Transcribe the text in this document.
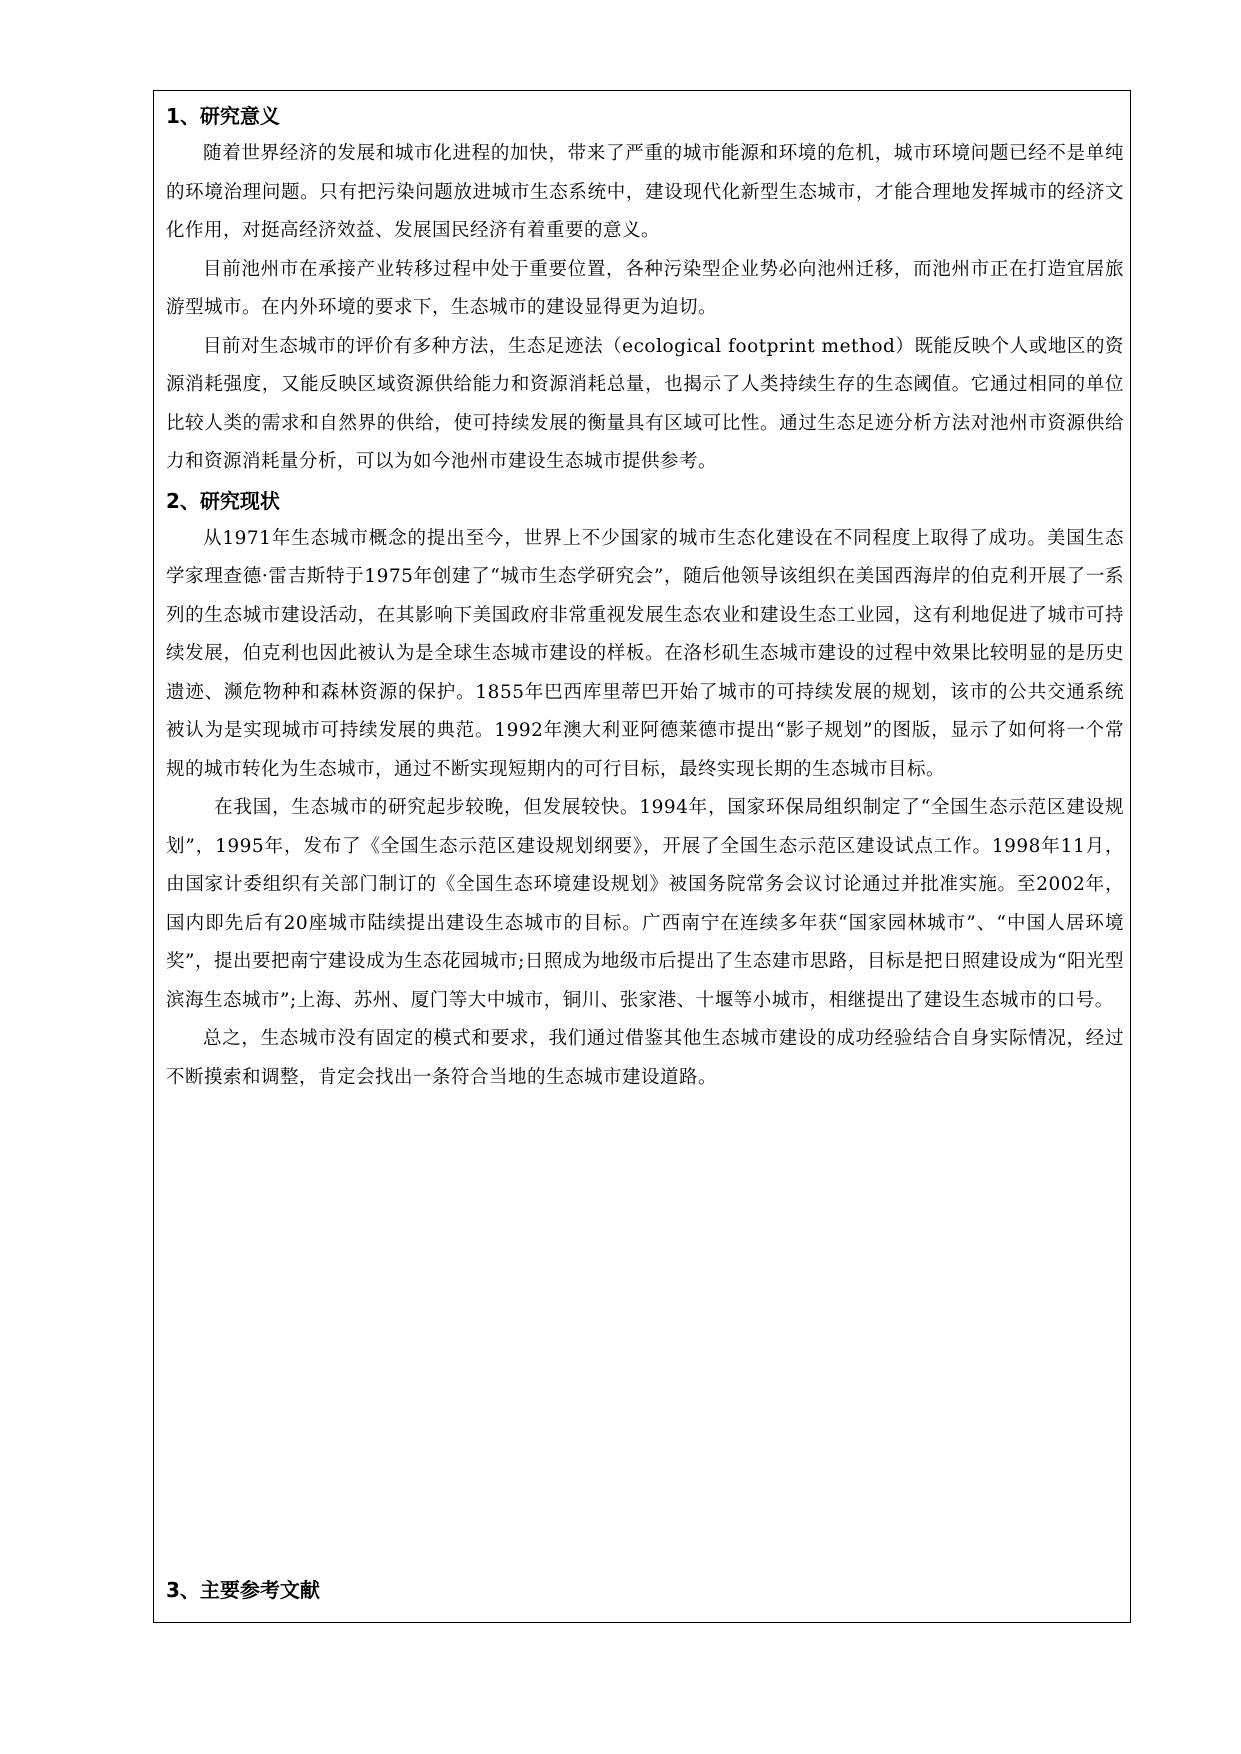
1、研究意义

随着世界经济的发展和城市化进程的加快，带来了严重的城市能源和环境的危机，城市环境问题已经不是单纯的环境治理问题。只有把污染问题放进城市生态系统中，建设现代化新型生态城市，才能合理地发挥城市的经济文化作用，对挺高经济效益、发展国民经济有着重要的意义。

目前池州市在承接产业转移过程中处于重要位置，各种污染型企业势必向池州迁移，而池州市正在打造宜居旅游型城市。在内外环境的要求下，生态城市的建设显得更为迫切。

目前对生态城市的评价有多种方法，生态足迹法（ecological footprint method）既能反映个人或地区的资源消耗强度，又能反映区域资源供给能力和资源消耗总量，也揭示了人类持续生存的生态阈值。它通过相同的单位比较人类的需求和自然界的供给，使可持续发展的衡量具有区域可比性。通过生态足迹分析方法对池州市资源供给力和资源消耗量分析，可以为如今池州市建设生态城市提供参考。

2、研究现状

从1971年生态城市概念的提出至今，世界上不少国家的城市生态化建设在不同程度上取得了成功。美国生态学家理查德·雷吉斯特于1975年创建了“城市生态学研究会”，随后他领导该组织在美国西海岸的伯克利开展了一系列的生态城市建设活动，在其影响下美国政府非常重视发展生态农业和建设生态工业园，这有利地促进了城市可持续发展，伯克利也因此被认为是全球生态城市建设的样板。在洛杉矶生态城市建设的过程中效果比较明显的是历史遗迹、濒危物种和森林资源的保护。1855年巴西库里蒂巴开始了城市的可持续发展的规划，该市的公共交通系统被认为是实现城市可持续发展的典范。1992年澳大利亚阿德莱德市提出“影子规划”的图版，显示了如何将一个常规的城市转化为生态城市，通过不断实现短期内的可行目标，最终实现长期的生态城市目标。

在我国，生态城市的研究起步较晚，但发展较快。1994年，国家环保局组织制定了“全国生态示范区建设规划”，1995年，发布了《全国生态示范区建设规划纲要》，开展了全国生态示范区建设试点工作。1998年11月，由国家计委组织有关部门制订的《全国生态环境建设规划》被国务院常务会议讨论通过并批准实施。至2002年，国内即先后有20座城市陆续提出建设生态城市的目标。广西南宁在连续多年获“国家园林城市”、“中国人居环境奖”，提出要把南宁建设成为生态花园城市;日照成为地级市后提出了生态建市思路，目标是把日照建设成为“阳光型滨海生态城市”;上海、苏州、厦门等大中城市，铜川、张家港、十堰等小城市，相继提出了建设生态城市的口号。

总之，生态城市没有固定的模式和要求，我们通过借鉴其他生态城市建设的成功经验结合自身实际情况，经过不断摸索和调整，肯定会找出一条符合当地的生态城市建设道路。

3、主要参考文献
